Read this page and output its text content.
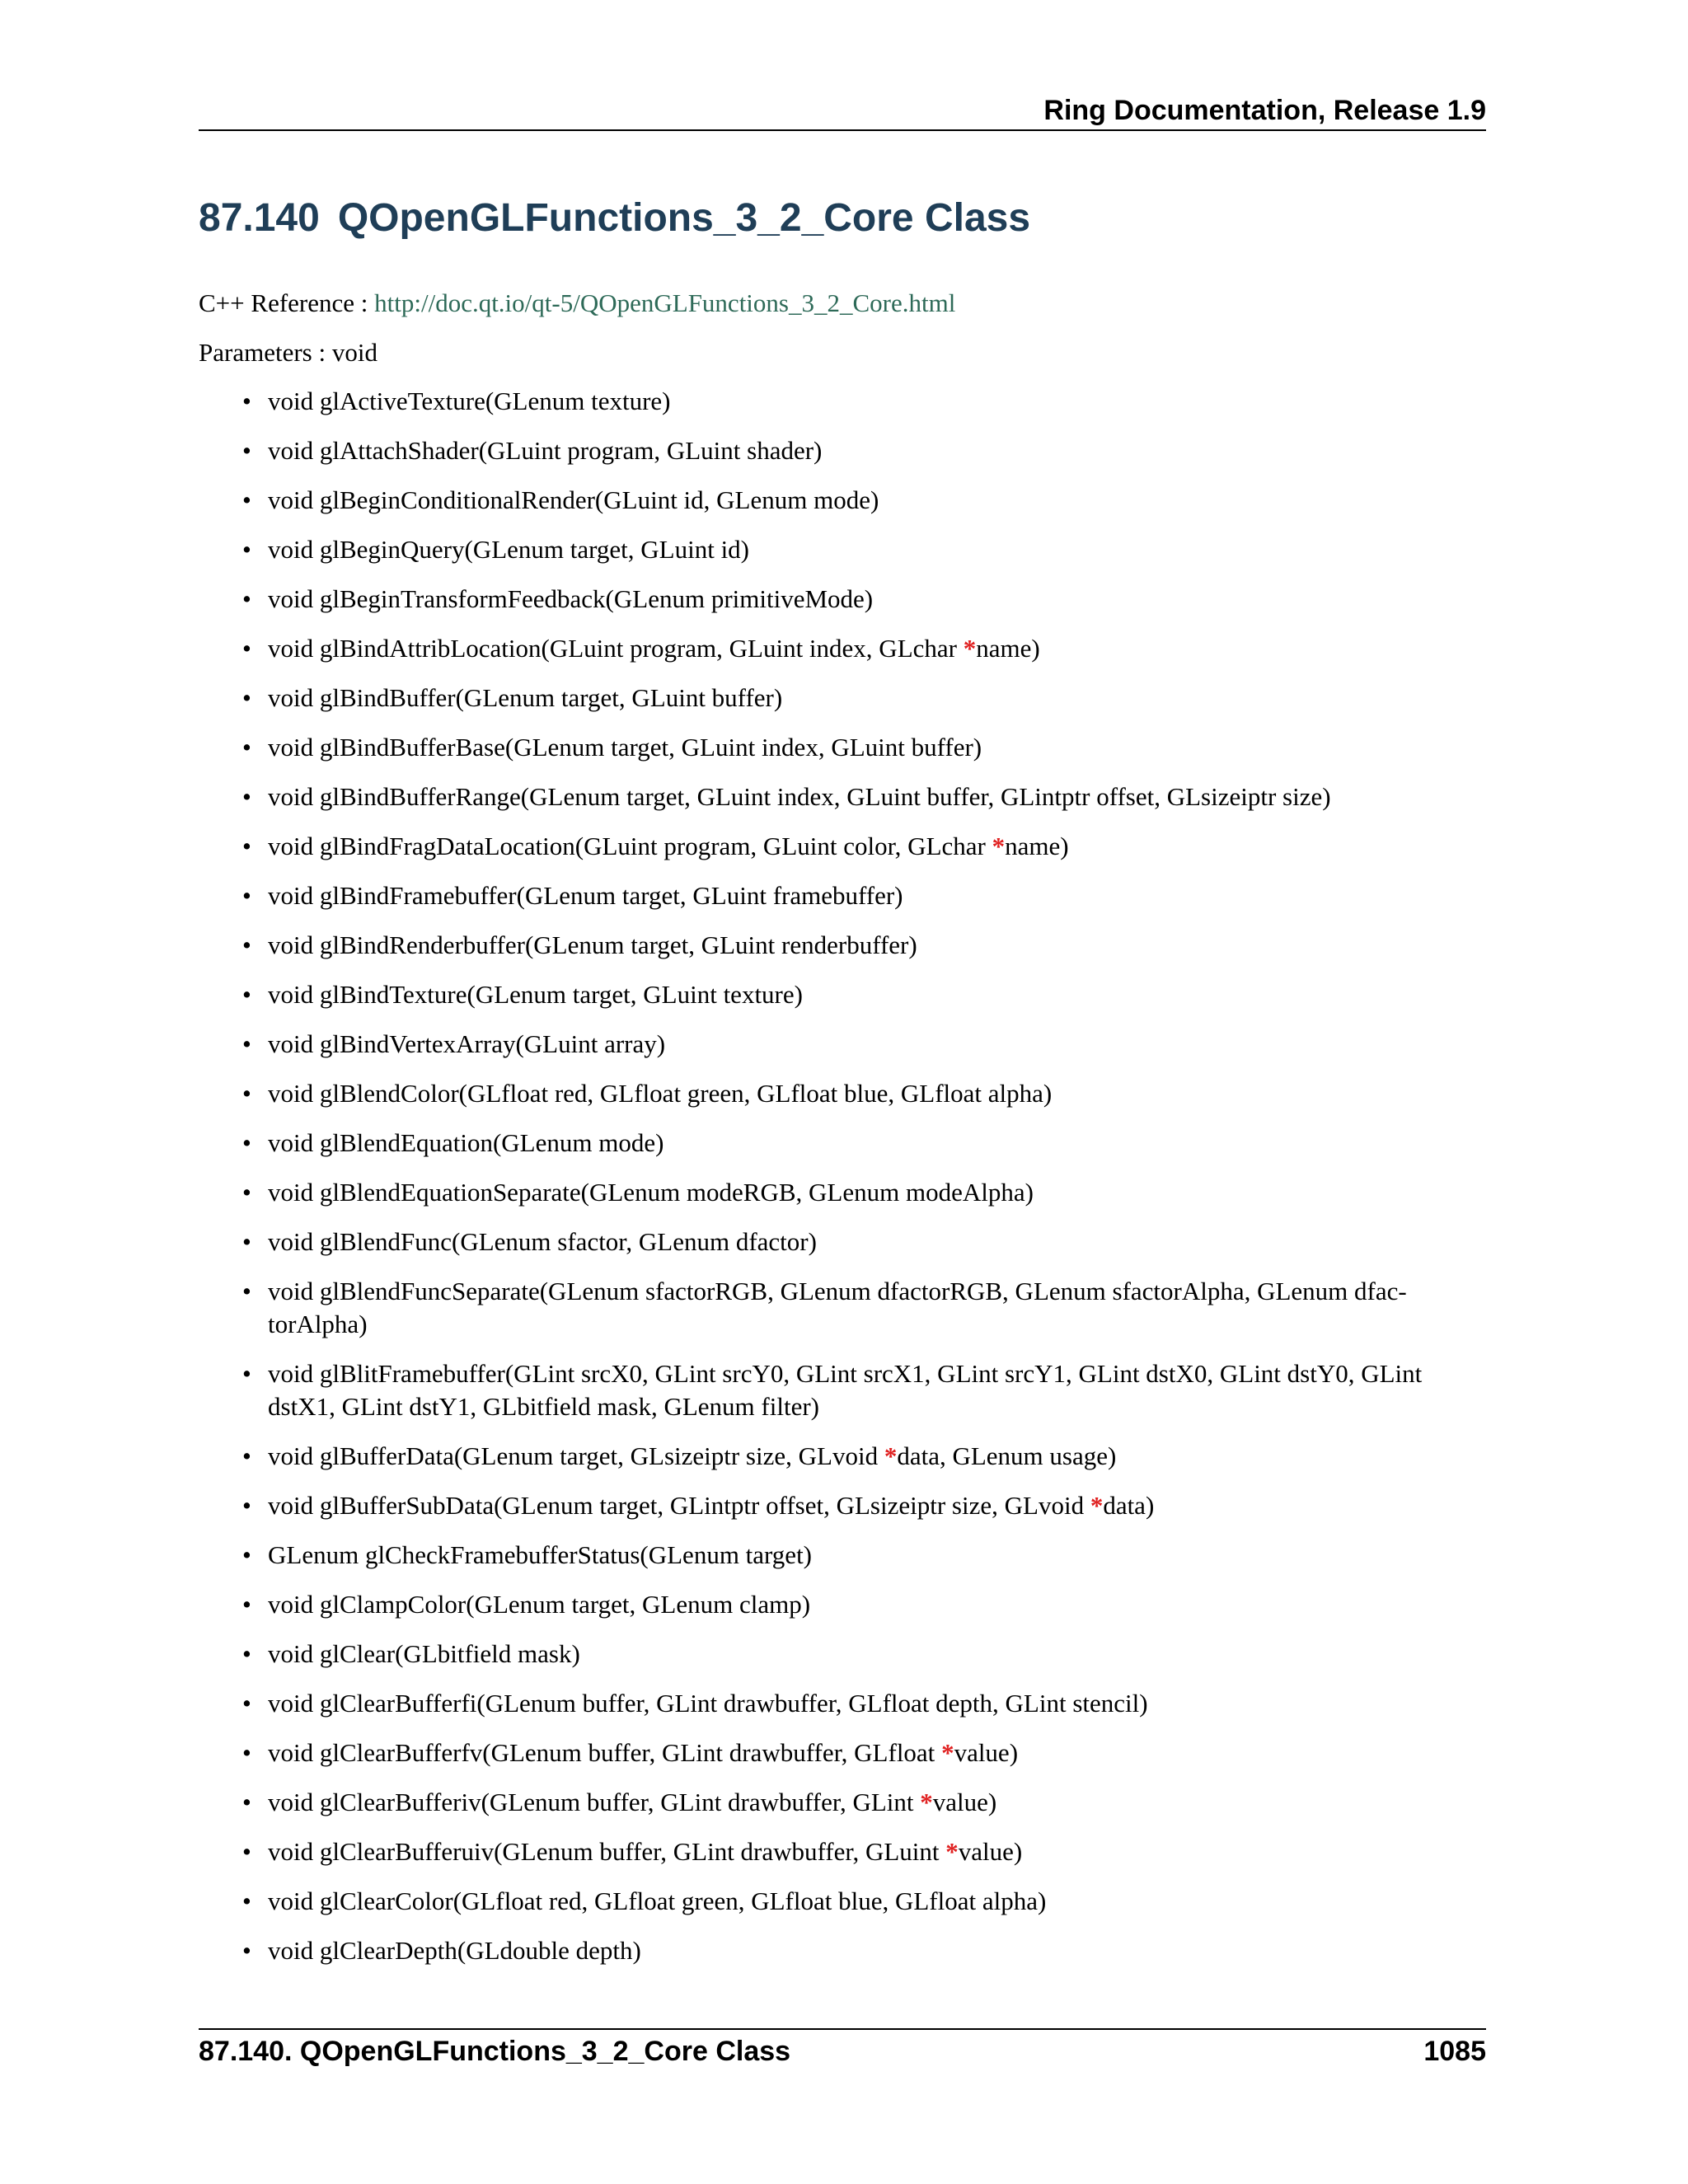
Ring Documentation, Release 1.9
87.140 QOpenGLFunctions_3_2_Core Class
C++ Reference : http://doc.qt.io/qt-5/QOpenGLFunctions_3_2_Core.html
Parameters : void
• void glActiveTexture(GLenum texture)
• void glAttachShader(GLuint program, GLuint shader)
• void glBeginConditionalRender(GLuint id, GLenum mode)
• void glBeginQuery(GLenum target, GLuint id)
• void glBeginTransformFeedback(GLenum primitiveMode)
• void glBindAttribLocation(GLuint program, GLuint index, GLchar *name)
• void glBindBuffer(GLenum target, GLuint buffer)
• void glBindBufferBase(GLenum target, GLuint index, GLuint buffer)
• void glBindBufferRange(GLenum target, GLuint index, GLuint buffer, GLintptr offset, GLsizeiptr size)
• void glBindFragDataLocation(GLuint program, GLuint color, GLchar *name)
• void glBindFramebuffer(GLenum target, GLuint framebuffer)
• void glBindRenderbuffer(GLenum target, GLuint renderbuffer)
• void glBindTexture(GLenum target, GLuint texture)
• void glBindVertexArray(GLuint array)
• void glBlendColor(GLfloat red, GLfloat green, GLfloat blue, GLfloat alpha)
• void glBlendEquation(GLenum mode)
• void glBlendEquationSeparate(GLenum modeRGB, GLenum modeAlpha)
• void glBlendFunc(GLenum sfactor, GLenum dfactor)
• void glBlendFuncSeparate(GLenum sfactorRGB, GLenum dfactorRGB, GLenum sfactorAlpha, GLenum dfac-torAlpha)
• void glBlitFramebuffer(GLint srcX0, GLint srcY0, GLint srcX1, GLint srcY1, GLint dstX0, GLint dstY0, GLint dstX1, GLint dstY1, GLbitfield mask, GLenum filter)
• void glBufferData(GLenum target, GLsizeiptr size, GLvoid *data, GLenum usage)
• void glBufferSubData(GLenum target, GLintptr offset, GLsizeiptr size, GLvoid *data)
• GLenum glCheckFramebufferStatus(GLenum target)
• void glClampColor(GLenum target, GLenum clamp)
• void glClear(GLbitfield mask)
• void glClearBufferfi(GLenum buffer, GLint drawbuffer, GLfloat depth, GLint stencil)
• void glClearBufferfv(GLenum buffer, GLint drawbuffer, GLfloat *value)
• void glClearBufferiv(GLenum buffer, GLint drawbuffer, GLint *value)
• void glClearBufferuiv(GLenum buffer, GLint drawbuffer, GLuint *value)
• void glClearColor(GLfloat red, GLfloat green, GLfloat blue, GLfloat alpha)
• void glClearDepth(GLdouble depth)
87.140. QOpenGLFunctions_3_2_Core Class	1085
